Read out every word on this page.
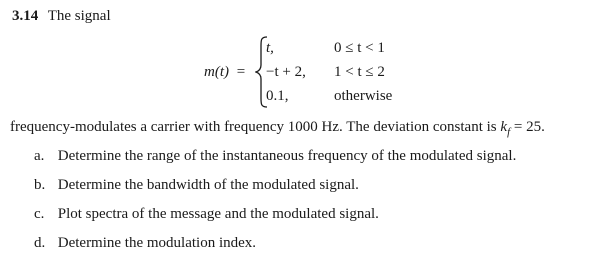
3.14 The signal
m(t) =
t,	0 ≤ t < 1
−t + 2, 1 < t ≤ 2
0.1,	otherwise
frequency-modulates a carrier with frequency 1000 Hz. The deviation constant is $k_f = 25$.
a. Determine the range of the instantaneous frequency of the modulated signal.
b. Determine the bandwidth of the modulated signal.
c. Plot spectra of the message and the modulated signal.
d. Determine the modulation index.
